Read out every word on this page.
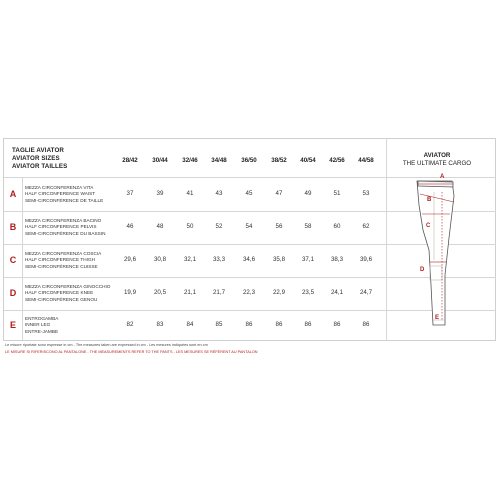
TAGLIE AVIATOR
AVIATOR SIZES
AVIATOR TAILLES
28/42	30/44	32/46	34/48	36/50	38/52	40/54	42/56	44/58
A
MEZZA CIRCONFERENZA VITA
HALF CIRCONFERENCE WAIST
SEMI-CIRCONFÉRENCE DE TAILLE
37	39	41	43	45	47	49	51	53
B
MEZZA CIRCONFERENZA BACINO
HALF CIRCONFERENCE PELVIS
SEMI-CIRCONFÉRENCE DU BASSIN
46	48	50	52	54	56	58	60	62
C
MEZZA CIRCONFERENZA COSCIA
HALF CIRCONFERENCE THIGH
SEMI-CIRCONFÉRENCE CUISSE
29,6	30,8	32,1	33,3	34,6	35,8	37,1	38,3	39,6
D
MEZZA CIRCONFERENZA GINOCCHIO
HALF CIRCONFERENCE KNEE
SEMI-CIRCONFÉRENCE GENOU
19,9	20,5	21,1	21,7	22,3	22,9	23,5	24,1	24,7
E
ENTROGAMBA
INNER LEG
ENTRE-JAMBE
82	83	84	85	86	86	86	86	86
AVIATOR
THE ULTIMATE CARGO
A
B
C
D
E
Le misure riportate sono espresse in cm - The measures taken are expressed in cm - Les mesures indiquées sont en cm
LE MISURE SI RIFERISCONO AL PANTALONE - THE MEASUREMENTS REFER TO THE PANTS - LES MESURES SE RÉFÈRENT AU PANTALON
